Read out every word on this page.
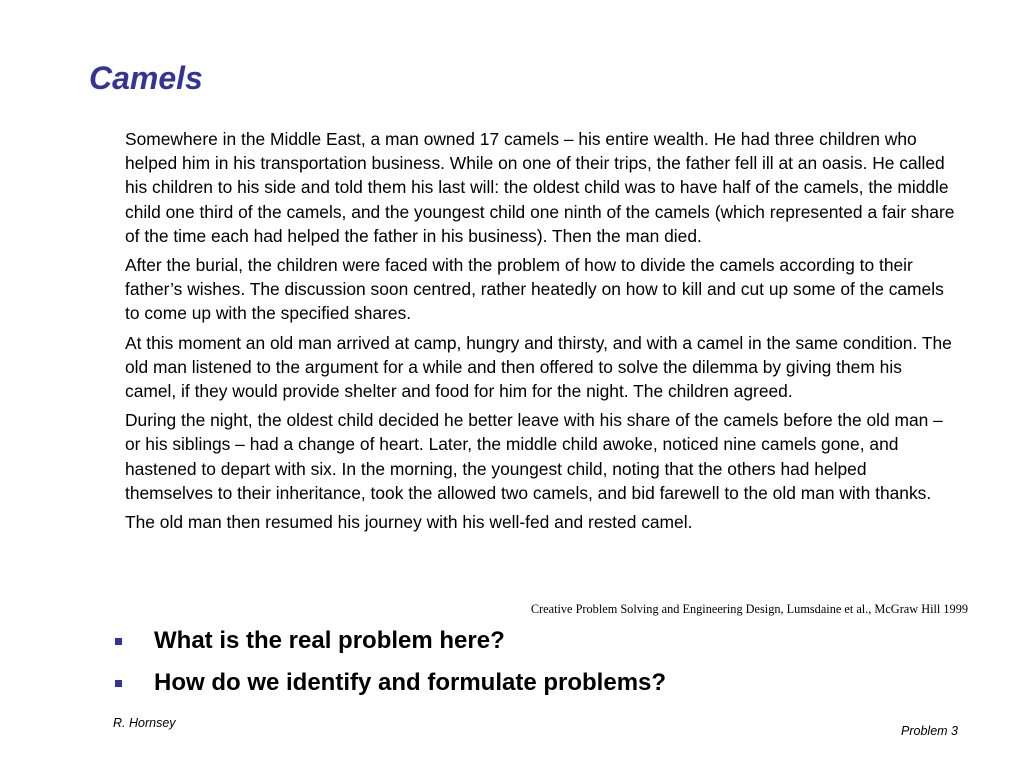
Camels

Somewhere in the Middle East, a man owned 17 camels – his entire wealth. He had three children who helped him in his transportation business. While on one of their trips, the father fell ill at an oasis. He called his children to his side and told them his last will: the oldest child was to have half of the camels, the middle child one third of the camels, and the youngest child one ninth of the camels (which represented a fair share of the time each had helped the father in his business). Then the man died.

After the burial, the children were faced with the problem of how to divide the camels according to their father’s wishes. The discussion soon centred, rather heatedly on how to kill and cut up some of the camels to come up with the specified shares.

At this moment an old man arrived at camp, hungry and thirsty, and with a camel in the same condition. The old man listened to the argument for a while and then offered to solve the dilemma by giving them his camel, if they would provide shelter and food for him for the night. The children agreed.

During the night, the oldest child decided he better leave with his share of the camels before the old man – or his siblings – had a change of heart. Later, the middle child awoke, noticed nine camels gone, and hastened to depart with six. In the morning, the youngest child, noting that the others had helped themselves to their inheritance, took the allowed two camels, and bid farewell to the old man with thanks.

The old man then resumed his journey with his well-fed and rested camel.

Creative Problem Solving and Engineering Design, Lumsdaine et al., McGraw Hill 1999
What is the real problem here?
How do we identify and formulate problems?
R. Hornsey
Problem 3
